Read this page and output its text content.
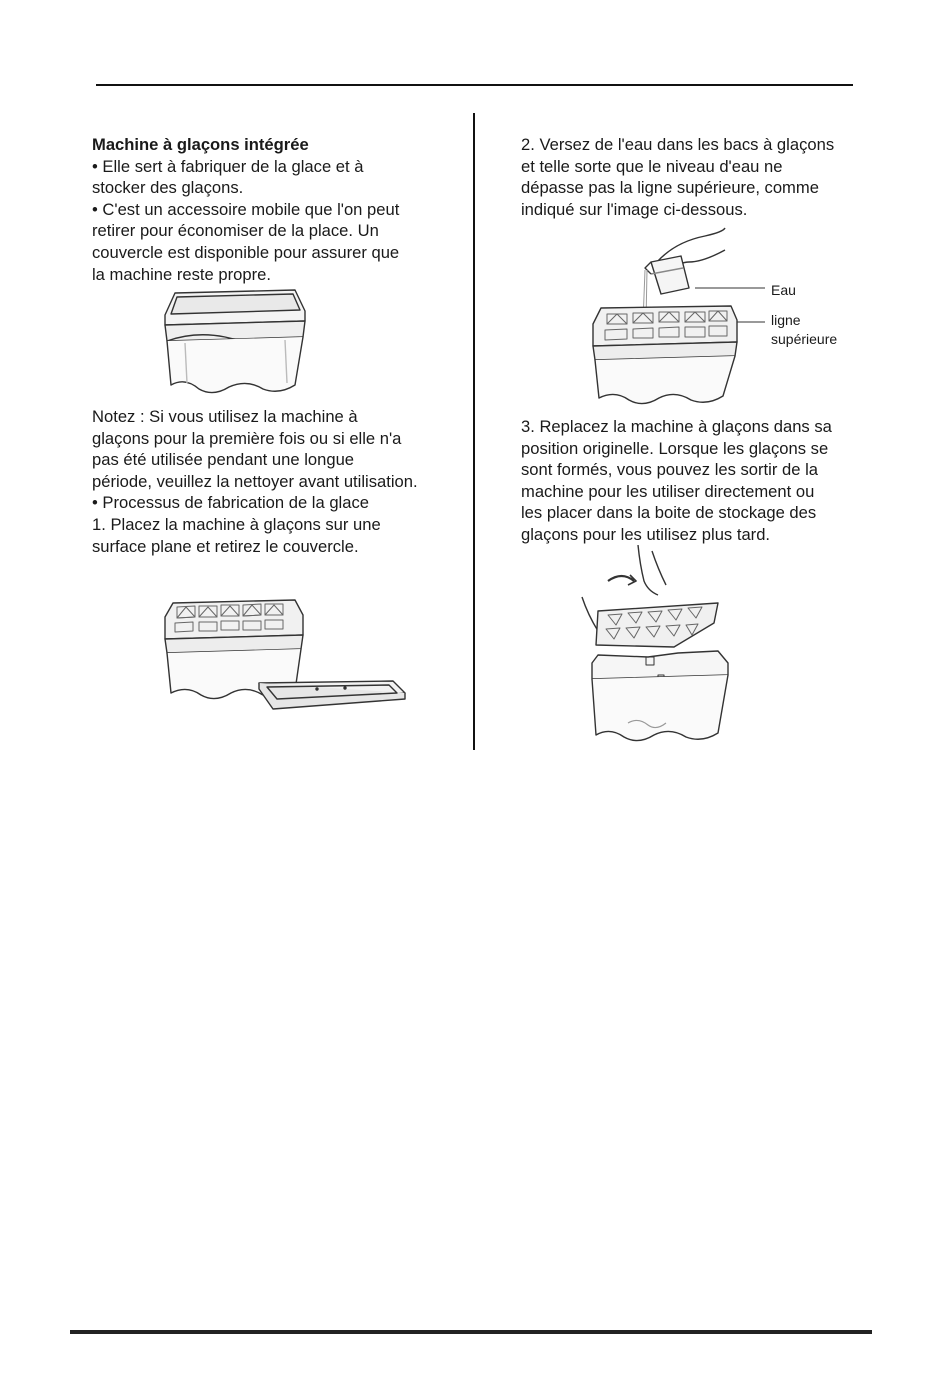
Machine à glaçons intégrée

• Elle sert à fabriquer de la glace et à

stocker des glaçons.

• C'est un accessoire mobile que l'on peut

retirer pour économiser de la place. Un

couvercle est disponible pour assurer que

la machine reste propre.

Notez : Si vous utilisez la machine à

glaçons pour la première fois ou si elle n'a

pas été utilisée pendant une longue

période, veuillez la nettoyer avant utilisation.

• Processus de fabrication de la glace

1. Placez la machine à glaçons sur une

surface plane et retirez le couvercle.

2. Versez de l'eau dans les bacs à glaçons

et telle sorte que le niveau d'eau ne

dépasse pas la ligne supérieure, comme

indiqué sur l'image ci-dessous.

Eau
ligne
supérieure

3. Replacez la machine à glaçons dans sa

position originelle. Lorsque les glaçons se

sont formés, vous pouvez les sortir de la

machine pour les utiliser directement ou

les placer dans la boite de stockage des

glaçons pour les utilisez plus tard.
